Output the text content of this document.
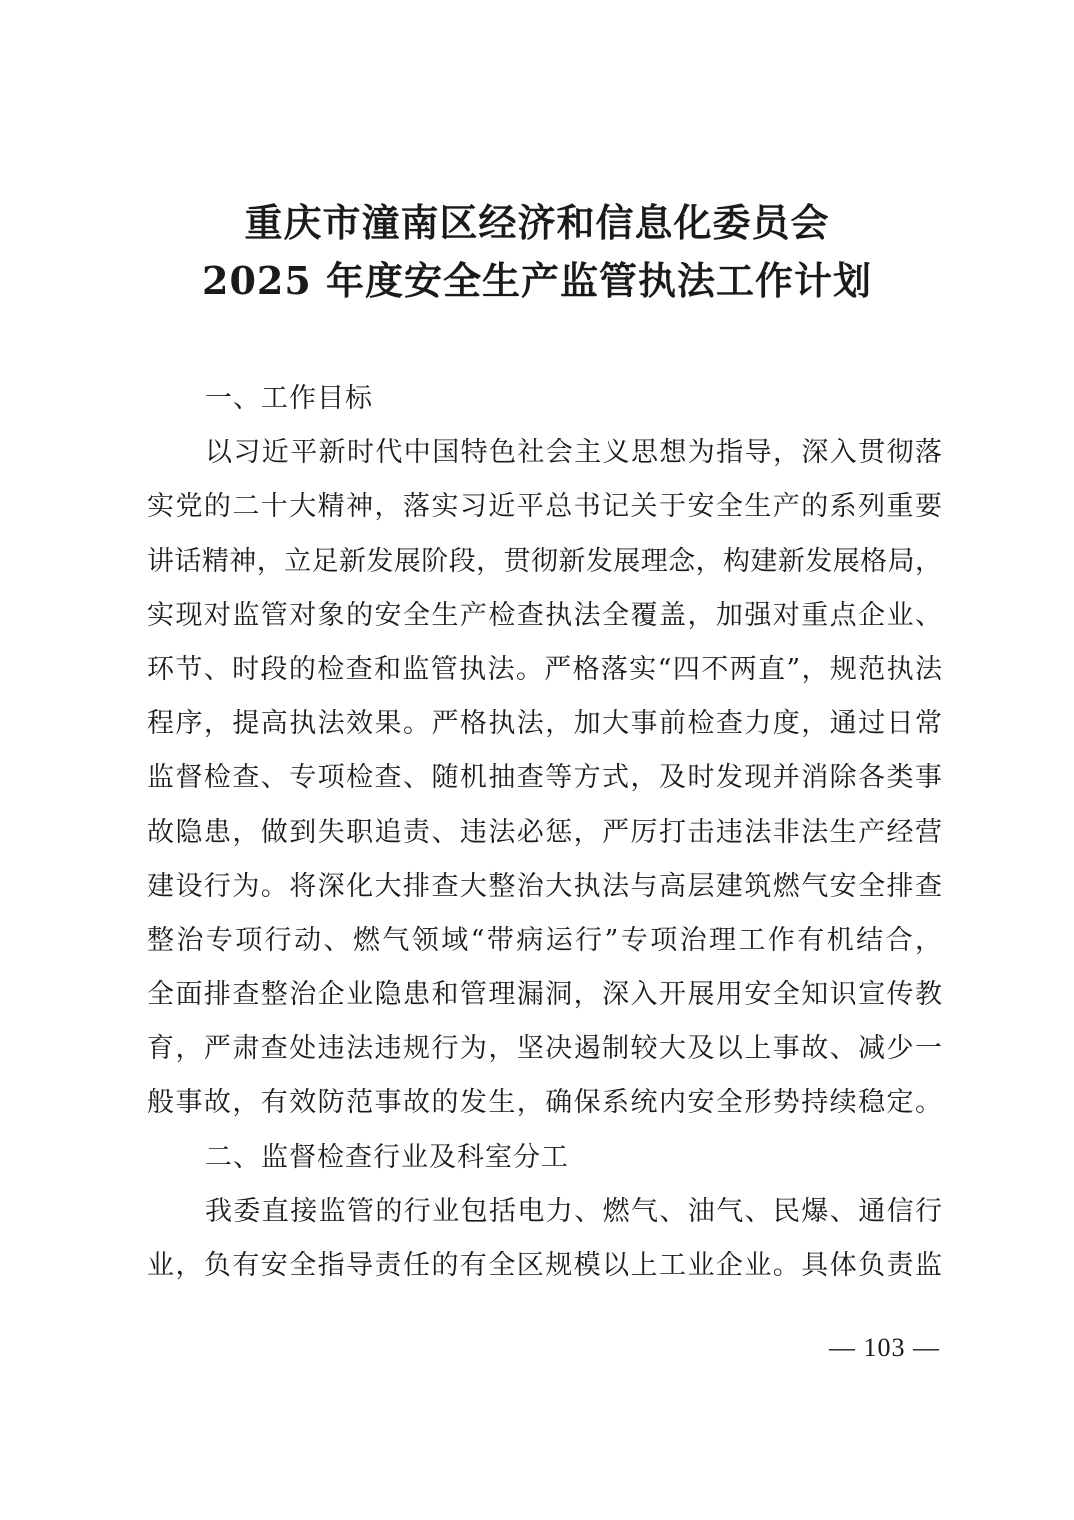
重庆市潼南区经济和信息化委员会
2025 年度安全生产监管执法工作计划
一、工作目标
以习近平新时代中国特色社会主义思想为指导，深入贯彻落
实党的二十大精神，落实习近平总书记关于安全生产的系列重要
讲话精神，立足新发展阶段，贯彻新发展理念，构建新发展格局，
实现对监管对象的安全生产检查执法全覆盖，加强对重点企业、
环节、时段的检查和监管执法。严格落实“四不两直”，规范执法
程序，提高执法效果。严格执法，加大事前检查力度，通过日常
监督检查、专项检查、随机抽查等方式，及时发现并消除各类事
故隐患，做到失职追责、违法必惩，严厉打击违法非法生产经营
建设行为。将深化大排查大整治大执法与高层建筑燃气安全排查
整治专项行动、燃气领域“带病运行”专项治理工作有机结合，
全面排查整治企业隐患和管理漏洞，深入开展用安全知识宣传教
育，严肃查处违法违规行为，坚决遏制较大及以上事故、减少一
般事故，有效防范事故的发生，确保系统内安全形势持续稳定。
二、监督检查行业及科室分工
我委直接监管的行业包括电力、燃气、油气、民爆、通信行
业，负有安全指导责任的有全区规模以上工业企业。具体负责监
— 103 —
